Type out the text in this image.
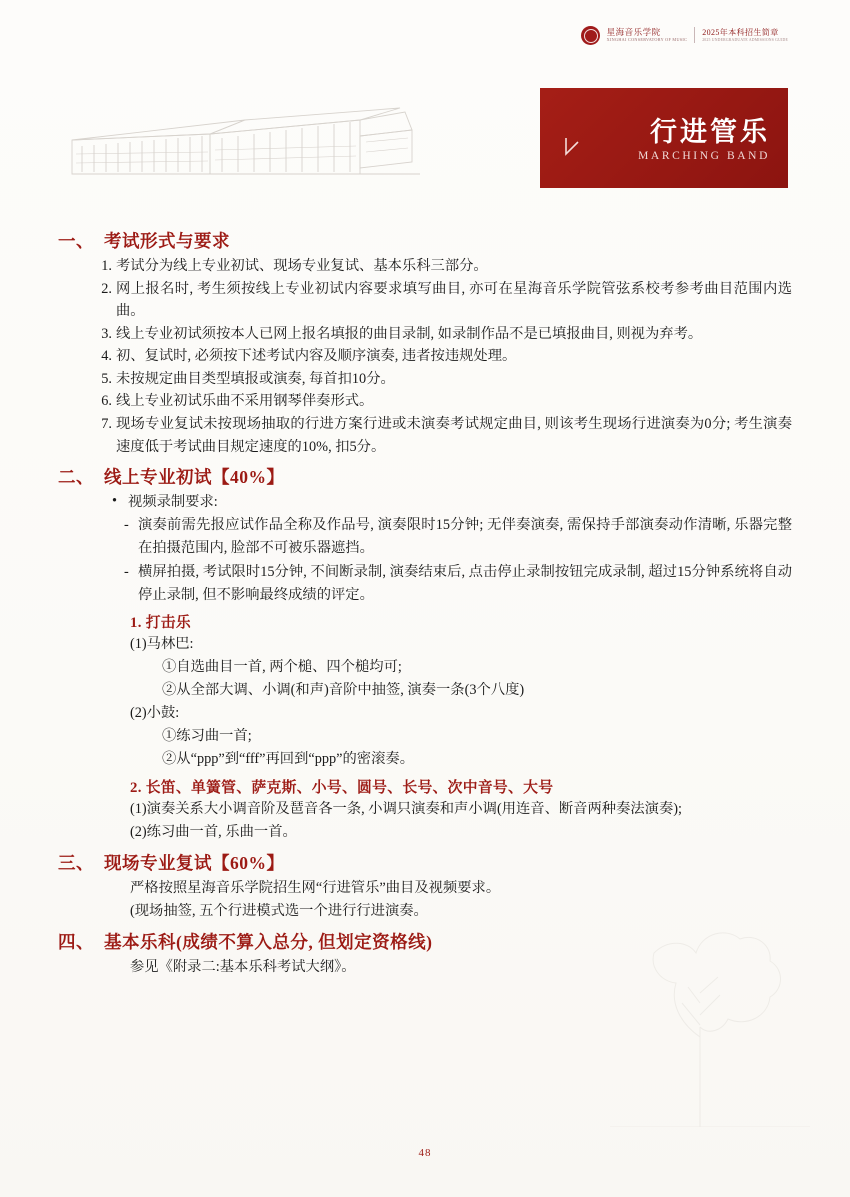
星海音乐学院
XINGHAI CONSERVATORY OF MUSIC
2025年本科招生简章
2025 UNDERGRADUATE ADMISSIONS GUIDE
行进管乐
MARCHING BAND
一、 考试形式与要求
考试分为线上专业初试、现场专业复试、基本乐科三部分。
网上报名时, 考生须按线上专业初试内容要求填写曲目, 亦可在星海音乐学院管弦系校考参考曲目范围内选曲。
线上专业初试须按本人已网上报名填报的曲目录制, 如录制作品不是已填报曲目, 则视为弃考。
初、复试时, 必须按下述考试内容及顺序演奏, 违者按违规处理。
未按规定曲目类型填报或演奏, 每首扣10分。
线上专业初试乐曲不采用钢琴伴奏形式。
现场专业复试未按现场抽取的行进方案行进或未演奏考试规定曲目, 则该考生现场行进演奏为0分; 考生演奏速度低于考试曲目规定速度的10%, 扣5分。
二、 线上专业初试【40%】
• 视频录制要求:
- 演奏前需先报应试作品全称及作品号, 演奏限时15分钟; 无伴奏演奏, 需保持手部演奏动作清晰, 乐器完整在拍摄范围内, 脸部不可被乐器遮挡。
- 横屏拍摄, 考试限时15分钟, 不间断录制, 演奏结束后, 点击停止录制按钮完成录制, 超过15分钟系统将自动停止录制, 但不影响最终成绩的评定。
1. 打击乐
(1)马林巴:
①自选曲目一首, 两个槌、四个槌均可;
②从全部大调、小调(和声)音阶中抽签, 演奏一条(3个八度)
(2)小鼓:
①练习曲一首;
②从“ppp”到“fff”再回到“ppp”的密滚奏。
2. 长笛、单簧管、萨克斯、小号、圆号、长号、次中音号、大号
(1)演奏关系大小调音阶及琶音各一条, 小调只演奏和声小调(用连音、断音两种奏法演奏);
(2)练习曲一首, 乐曲一首。
三、 现场专业复试【60%】
严格按照星海音乐学院招生网“行进管乐”曲目及视频要求。
(现场抽签, 五个行进模式选一个进行行进演奏。
四、 基本乐科(成绩不算入总分, 但划定资格线)
参见《附录二:基本乐科考试大纲》。
48
